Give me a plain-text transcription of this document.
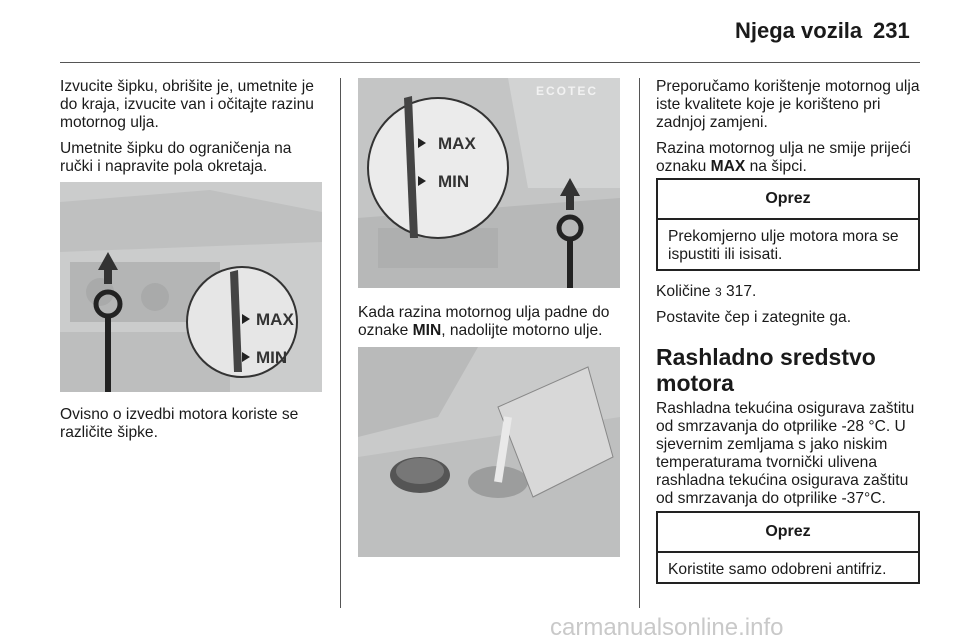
Njega vozila 231

Izvucite šipku, obrišite je, umetnite je do kraja, izvucite van i očitajte razinu motornog ulja.

Umetnite šipku do ograničenja na ručki i napravite pola okretaja.

MAX
MIN

Ovisno o izvedbi motora koriste se različite šipke.

ECOTEC
MAX
MIN

Kada razina motornog ulja padne do oznake MIN, nadolijte motorno ulje.

Preporučamo korištenje motornog ulja iste kvalitete koje je korišteno pri zadnjoj zamjeni.

Razina motornog ulja ne smije prijeći oznaku MAX na šipci.

Oprez
Prekomjerno ulje motora mora se ispustiti ili isisati.

Količine 3 317.

Postavite čep i zategnite ga.

Rashladno sredstvo motora

Rashladna tekućina osigurava zaštitu od smrzavanja do otprilike -28 °C. U sjevernim zemljama s jako niskim temperaturama tvornički ulivena rashladna tekućina osigurava zaštitu od smrzavanja do otprilike -37°C.

Oprez
Koristite samo odobreni antifriz.
carmanualsonline.info
